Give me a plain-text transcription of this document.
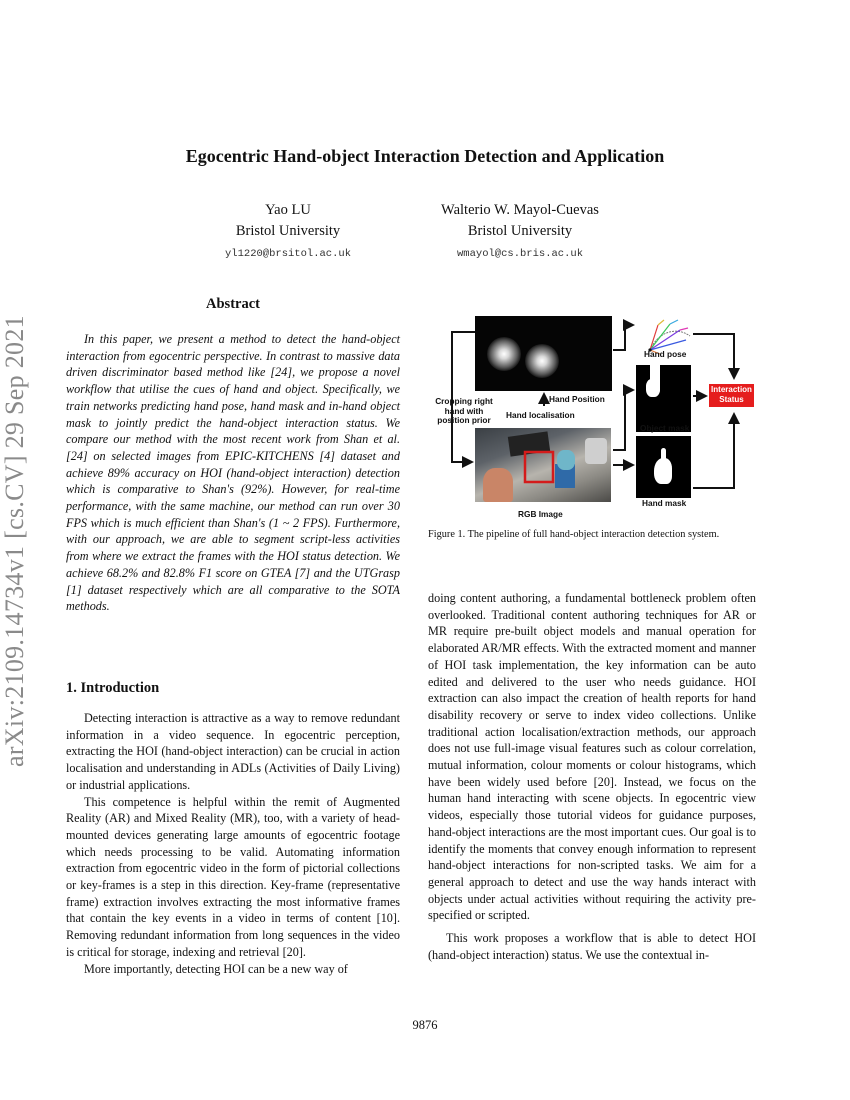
Egocentric Hand-object Interaction Detection and Application
Yao LU
Bristol University
yl1220@brsitol.ac.uk
Walterio W. Mayol-Cuevas
Bristol University
wmayol@cs.bris.ac.uk
arXiv:2109.14734v1 [cs.CV] 29 Sep 2021
Abstract

In this paper, we present a method to detect the hand-object interaction from egocentric perspective. In contrast to massive data driven discriminator based method like [24], we propose a novel workflow that utilise the cues of hand and object. Specifically, we train networks predicting hand pose, hand mask and in-hand object mask to jointly predict the hand-object interaction status. We compare our method with the most recent work from Shan et al. [24] on selected images from EPIC-KITCHENS [4] dataset and achieve 89% accuracy on HOI (hand-object interaction) detection which is comparative to Shan's (92%). However, for real-time performance, with the same machine, our method can run over 30 FPS which is much efficient than Shan's (1 ~ 2 FPS). Furthermore, with our approach, we are able to segment script-less activities from where we extract the frames with the HOI status detection. We achieve 68.2% and 82.8% F1 score on GTEA [7] and the UTGrasp [1] dataset respectively which are all comparative to the SOTA methods.

1. Introduction

Detecting interaction is attractive as a way to remove redundant information in a video sequence. In egocentric perception, extracting the HOI (hand-object interaction) can be crucial in action localisation and understanding in ADLs (Activities of Daily Living) or industrial applications.

This competence is helpful within the remit of Augmented Reality (AR) and Mixed Reality (MR), too, with a variety of head-mounted devices generating large amounts of egocentric footage which needs processing to be valid. Automating information extraction from egocentric video in the form of pictorial collections or key-frames is a step in this direction. Key-frame (representative frame) extraction involves extracting the most informative frames that contain the key events in a video in terms of content [10]. Removing redundant information from long sequences in the video is critical for storage, indexing and retrieval [20].

More importantly, detecting HOI can be a new way of

Hand pose
Interaction Status
Cropping right hand with position prior
Hand Position
Hand localisation
Object mask
Hand mask
RGB Image
Figure 1. The pipeline of full hand-object interaction detection system.

doing content authoring, a fundamental bottleneck problem often overlooked. Traditional content authoring techniques for AR or MR require pre-built object models and manual operation for elaborated AR/MR effects. With the extracted moment and manner of HOI task implementation, the key information can be auto edited and delivered to the user who needs guidance. HOI extraction can also impact the creation of health reports for hand disability recovery or serve to index video collections. Unlike traditional action localisation/extraction methods, our approach does not use full-image visual features such as colour correlation, mutual information, colour moments or colour histograms, which have been widely used before [20]. Instead, we focus on the human hand interacting with scene objects. In egocentric view videos, especially those tutorial videos for guidance purposes, hand-object interactions are the most important cues. Our goal is to identify the moments that convey enough information to represent hand-object interactions for non-scripted tasks. We aim for a general approach to detect and use the way hands interact with objects under actual activities without requiring the activity pre-specified or scripted.

This work proposes a workflow that is able to detect HOI (hand-object interaction) status. We use the contextual in-

9876
